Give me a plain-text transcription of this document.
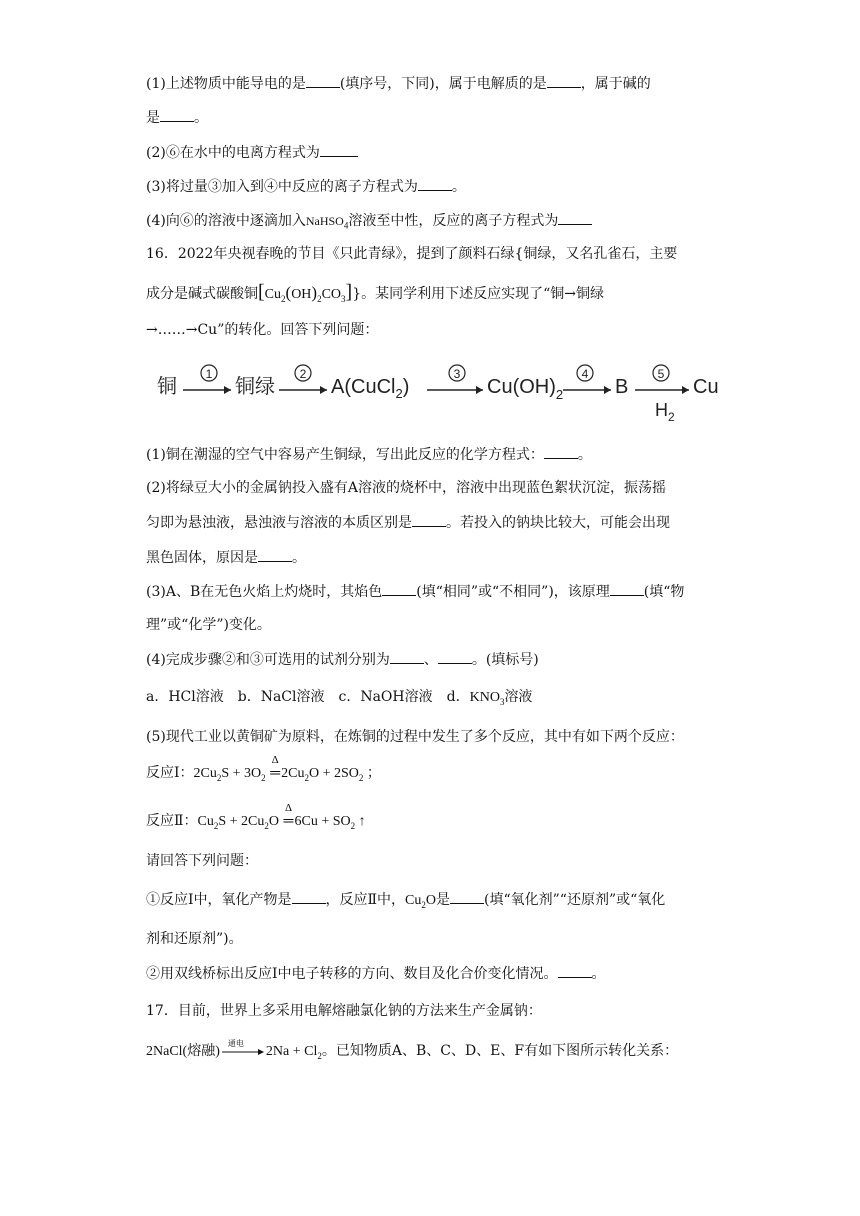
(1)上述物质中能导电的是 (填序号，下同)，属于电解质的是 ，属于碱的
是 。
(2)⑥在水中的电离方程式为
(3)将过量③加入到④中反应的离子方程式为 。
(4)向⑥的溶液中逐滴加入NaHSO$_4$溶液至中性，反应的离子方程式为
16．2022年央视春晚的节目《只此青绿》，提到了颜料石绿{铜绿，又名孔雀石，主要
成分是碱式碳酸铜$[Cu_2(OH)_2CO_3]$}。某同学利用下述反应实现了“铜→铜绿
→……→Cu”的转化。回答下列问题：
铜
1
铜绿
2
A(CuCl$_2$)
3
$Cu(OH)_2$
4
B
5
$H_2$
Cu
(1)铜在潮湿的空气中容易产生铜绿，写出此反应的化学方程式： 。
(2)将绿豆大小的金属钠投入盛有A溶液的烧杯中，溶液中出现蓝色絮状沉淀，振荡摇
匀即为悬浊液，悬浊液与溶液的本质区别是 。若投入的钠块比较大，可能会出现
黑色固体，原因是 。
(3)A、B在无色火焰上灼烧时，其焰色 (填“相同”或“不相同”)，该原理 (填“物
理”或“化学”)变化。
(4)完成步骤②和③可选用的试剂分别为 、 。(填标号)
a．HCl溶液 b．NaCl溶液 c．NaOH溶液 d．$KNO_3$溶液
(5)现代工业以黄铜矿为原料，在炼铜的过程中发生了多个反应，其中有如下两个反应：
反应Ⅰ：$2Cu_2S + 3O_2$
Δ
$═2Cu_2O + 2SO_2$ ；
反应Ⅱ：$Cu_2S + 2Cu_2O$
Δ
═6Cu + $SO_2$ ↑
请回答下列问题：
①反应Ⅰ中，氧化产物是 ，反应Ⅱ中，$Cu_2O$是 (填“氧化剂”“还原剂”或“氧化
剂和还原剂”)。
②用双线桥标出反应Ⅰ中电子转移的方向、数目及化合价变化情况。 。
17．目前，世界上多采用电解熔融氯化钠的方法来生产金属钠：
2NaCl(熔融)
通电
$2Na + Cl_2$。已知物质A、B、C、D、E、F有如下图所示转化关系：
